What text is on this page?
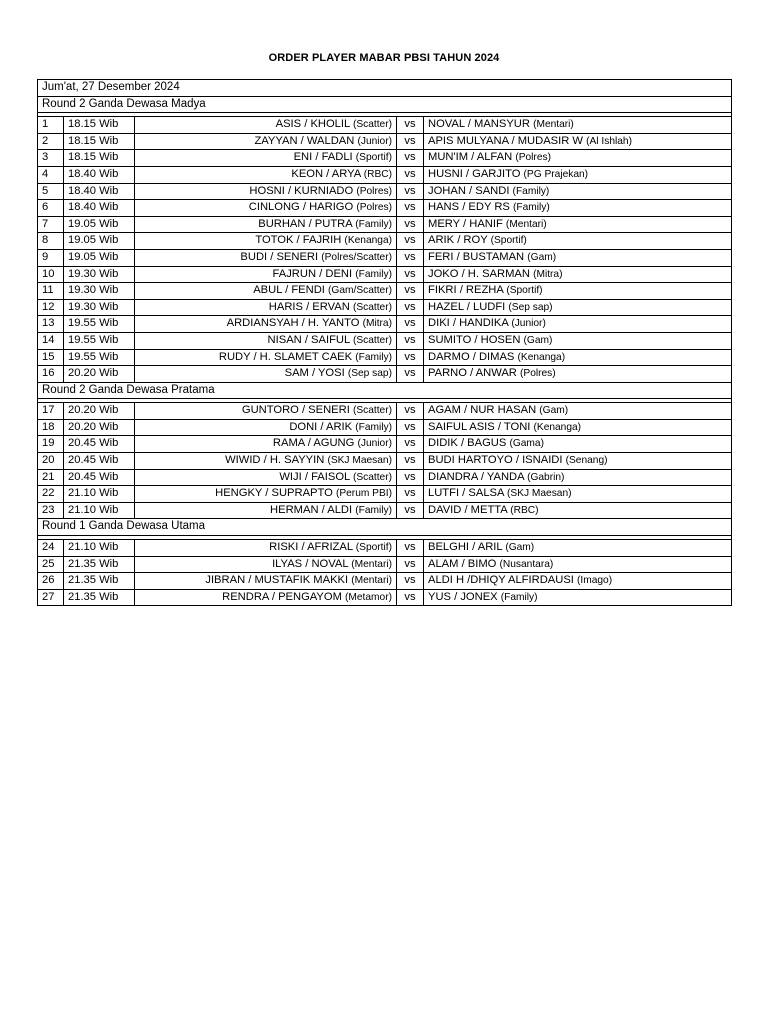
ORDER PLAYER MABAR PBSI TAHUN 2024
Jum'at, 27 Desember 2024				
Round 2 Ganda Dewasa Madya				

1	18.15 Wib	ASIS / KHOLIL (Scatter)	vs	NOVAL / MANSYUR (Mentari)
2	18.15 Wib	ZAYYAN / WALDAN (Junior)	vs	APIS MULYANA / MUDASIR W (Al Ishlah)
3	18.15 Wib	ENI / FADLI (Sportif)	vs	MUN'IM / ALFAN (Polres)
4	18.40 Wib	KEON / ARYA (RBC)	vs	HUSNI / GARJITO (PG Prajekan)
5	18.40 Wib	HOSNI / KURNIADO (Polres)	vs	JOHAN / SANDI (Family)
6	18.40 Wib	CINLONG / HARIGO (Polres)	vs	HANS / EDY RS (Family)
7	19.05 Wib	BURHAN / PUTRA (Family)	vs	MERY / HANIF (Mentari)
8	19.05 Wib	TOTOK / FAJRIH (Kenanga)	vs	ARIK / ROY (Sportif)
9	19.05 Wib	BUDI / SENERI (Polres/Scatter)	vs	FERI / BUSTAMAN (Gam)
10	19.30 Wib	FAJRUN / DENI (Family)	vs	JOKO / H. SARMAN (Mitra)
11	19.30 Wib	ABUL / FENDI (Gam/Scatter)	vs	FIKRI / REZHA (Sportif)
12	19.30 Wib	HARIS / ERVAN (Scatter)	vs	HAZEL / LUDFI (Sep sap)
13	19.55 Wib	ARDIANSYAH / H. YANTO (Mitra)	vs	DIKI / HANDIKA (Junior)
14	19.55 Wib	NISAN / SAIFUL (Scatter)	vs	SUMITO / HOSEN (Gam)
15	19.55 Wib	RUDY / H. SLAMET CAEK (Family)	vs	DARMO / DIMAS (Kenanga)
16	20.20 Wib	SAM / YOSI (Sep sap)	vs	PARNO / ANWAR (Polres)
Round 2 Ganda Dewasa Pratama				

17	20.20 Wib	GUNTORO / SENERI (Scatter)	vs	AGAM / NUR HASAN (Gam)
18	20.20 Wib	DONI / ARIK (Family)	vs	SAIFUL ASIS / TONI (Kenanga)
19	20.45 Wib	RAMA / AGUNG (Junior)	vs	DIDIK / BAGUS (Gama)
20	20.45 Wib	WIWID / H. SAYYIN (SKJ Maesan)	vs	BUDI HARTOYO / ISNAIDI (Senang)
21	20.45 Wib	WIJI / FAISOL (Scatter)	vs	DIANDRA / YANDA (Gabrin)
22	21.10 Wib	HENGKY / SUPRAPTO (Perum PBI)	vs	LUTFI / SALSA (SKJ Maesan)
23	21.10 Wib	HERMAN / ALDI (Family)	vs	DAVID / METTA (RBC)
Round 1 Ganda Dewasa Utama				

24	21.10 Wib	RISKI / AFRIZAL (Sportif)	vs	BELGHI / ARIL (Gam)
25	21.35 Wib	ILYAS / NOVAL (Mentari)	vs	ALAM / BIMO (Nusantara)
26	21.35 Wib	JIBRAN / MUSTAFIK MAKKI (Mentari)	vs	ALDI H /DHIQY ALFIRDAUSI (Imago)
27	21.35 Wib	RENDRA / PENGAYOM (Metamor)	vs	YUS / JONEX (Family)
